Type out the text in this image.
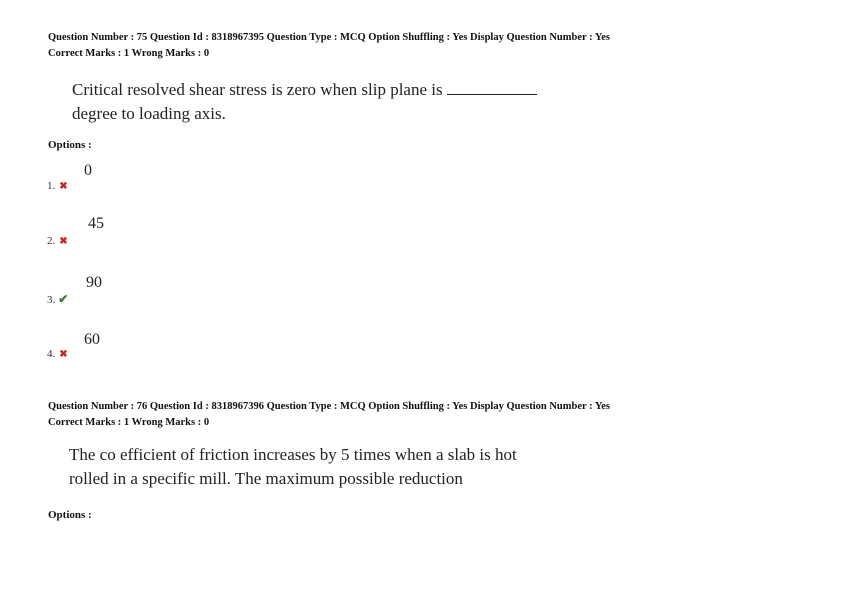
Question Number : 75 Question Id : 8318967395 Question Type : MCQ Option Shuffling : Yes Display Question Number : Yes
Correct Marks : 1 Wrong Marks : 0
Critical resolved shear stress is zero when slip plane is
degree to loading axis.
Options :
0
1. ✖
45
2. ✖
90
3. ✔
60
4. ✖
Question Number : 76 Question Id : 8318967396 Question Type : MCQ Option Shuffling : Yes Display Question Number : Yes
Correct Marks : 1 Wrong Marks : 0
The co efficient of friction increases by 5 times when a slab is hot
rolled in a specific mill. The maximum possible reduction
Options :
